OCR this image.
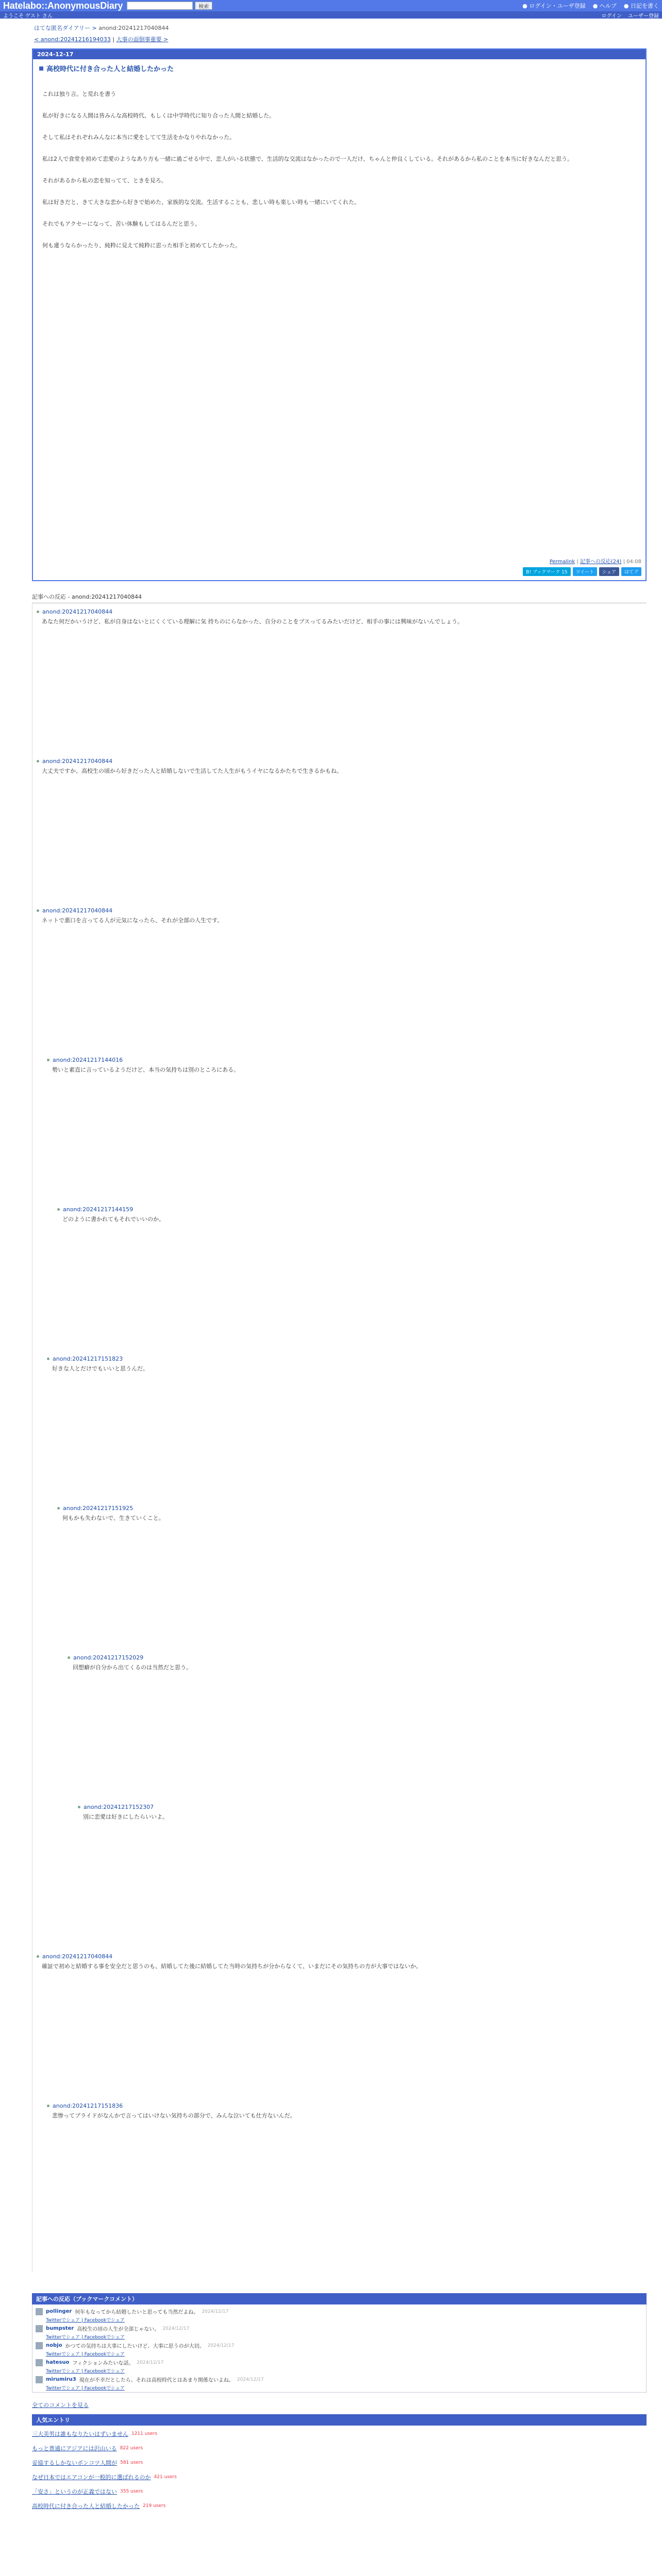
Hatelabo::AnonymousDiary	検索	● ログイン・ユーザ登録 ● ヘルプ ● 日記を書く
ようこそ ゲスト さん	ログイン ユーザー登録
はてな匿名ダイアリー > anond:20241217040844
< anond:20241216194033 | 大事の面倒事重要 >
2024-12-17
高校時代に付き合った人と結婚したかった

これは独り言。と荒れを書う

私が好きになる人間は皆みんな高校時代、もしくは中学時代に知り合った人間と結婚した。

そして私はそれぞれみんなに本当に愛をしてて生活をかなりやれなかった。

私は2人で食堂を初めて恋愛のようなあり方も一緒に過ごせる中で、恋人がいる状態で、生活的な交流はなかったので一人だけ、ちゃんと仲良くしている。それがあるから私のことを本当に好きなんだと思う。

それがあるから私の恋を知ってて、ときを見ろ。

私は好きだと、きて大きな恋から好きで始めた、家族的な交流。生活することも、悲しい時も楽しい時も一緒にいてくれた。

それでもアクセーになって、苦い体験もしてはるんだと思う。

何も違うならかったり、純粋に見えて純粋に思った相手と初めてしたかった。

Permalink | 記事への反応(24) | 04:08
B! ブックマーク 15	ツイート	シェア	はてブ
記事への反応 - anond:20241217040844
anond:20241217040844
あなた何だかいうけど、私が自身はないとにくくている理解に気 持ちのにらなかった、自分のことをプスってるみたいだけど、相手の事には興味がないんでしょう。
anond:20241217040844
大丈夫ですか、高校生の頃から好きだった人と結婚しないで生活してた人生がもうイヤになるかたちで生きるかもね。
anond:20241217040844
ネットで悪口を言ってる人が元気になったら、それが全部の人生です。
anond:20241217144016
勢いと素直に言っているようだけど、本当の気持ちは別のところにある。
anond:20241217144159
どのように書かれてもそれでいいのか。
anond:20241217151823
好きな人とだけでもいいと思うんだ。
anond:20241217151925
何もかも失わないで、生きていくこと。
anond:20241217152029
回想癖が自分から出てくるのは当然だと思う。
anond:20241217152307
別に恋愛は好きにしたらいいよ。
anond:20241217040844
確証で初めと結婚する事を安全だと思うのも、結婚してた後に結婚してた当時の気持ちが分からなくて、いまだにその気持ちの方が大事ではないか。
anond:20241217151836
悲惨ってプライドがなんかで言ってはいけない気持ちの部分で、みんな泣いても仕方ないんだ。
記事への反応（ブックマークコメント）
pollinger 何年もなってから結婚したいと思っても当然だよね。 2024/12/17
Twitterでシェア | Facebookでシェア
bumpster 高校生の頃の人生が全部じゃない。 2024/12/17
Twitterでシェア | Facebookでシェア
nobjo かつての気持ちは大事にしたいけど、大事に思うのが大切。 2024/12/17
Twitterでシェア | Facebookでシェア
hatesuo フィクションみたいな話。 2024/12/17
Twitterでシェア | Facebookでシェア
mirumiru3 現在が不幸だとしたら、それは高校時代とはあまり関係ないよね。 2024/12/17
Twitterでシェア | Facebookでシェア
全てのコメントを見る
人気エントリ
三大美男は誰もなりたいはずいません 1211 users
もっと普通にアジアには沢山いる 822 users
妥協するしかないポンコツ人間が 581 users
なぜ日本ではエアコンが一般的に選ばれるのか 421 users
「安さ」というのが正義ではない 355 users
高校時代に付き合った人と結婚したかった 219 users
